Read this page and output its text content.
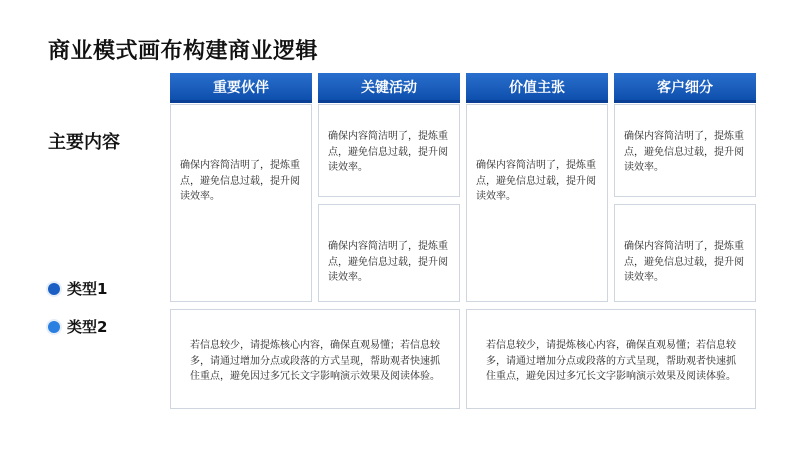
商业模式画布构建商业逻辑
主要内容
类型1
类型2
重要伙伴	关键活动	价值主张	客户细分
确保内容简洁明了，提炼重点，避免信息过载，提升阅读效率。
确保内容简洁明了，提炼重点，避免信息过载，提升阅读效率。
确保内容简洁明了，提炼重点，避免信息过载，提升阅读效率。
确保内容简洁明了，提炼重点，避免信息过载，提升阅读效率。
确保内容简洁明了，提炼重点，避免信息过载，提升阅读效率。
确保内容简洁明了，提炼重点，避免信息过载，提升阅读效率。
若信息较少，请提炼核心内容，确保直观易懂；若信息较多，请通过增加分点或段落的方式呈现，帮助观者快速抓住重点，避免因过多冗长文字影响演示效果及阅读体验。
若信息较少，请提炼核心内容，确保直观易懂；若信息较多，请通过增加分点或段落的方式呈现，帮助观者快速抓住重点，避免因过多冗长文字影响演示效果及阅读体验。
